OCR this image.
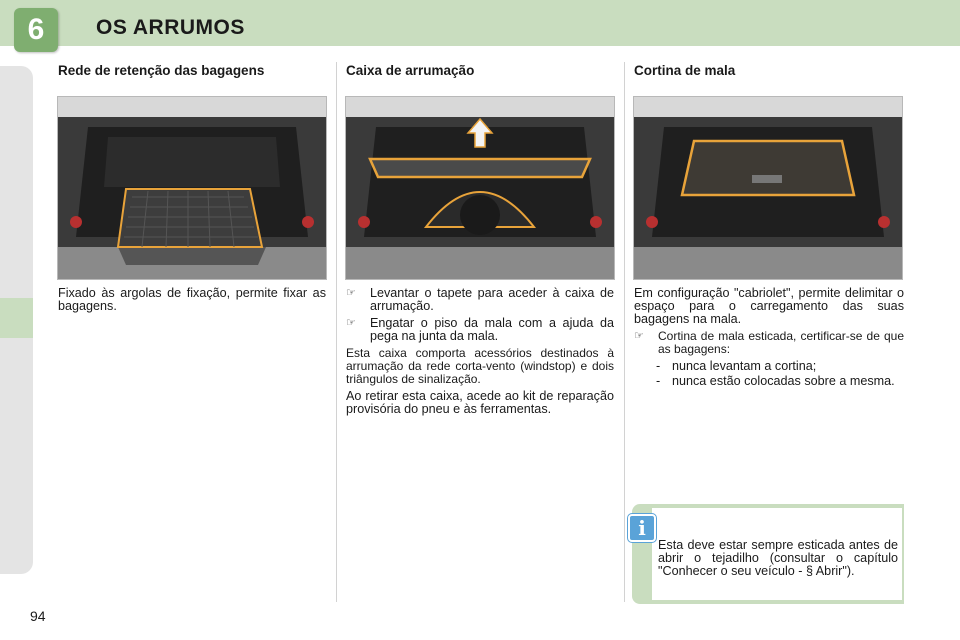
6	OS ARRUMOS
Rede de retenção das bagagens

Fixado às argolas de fixação, permite fixar as bagagens.

Caixa de arrumação
☞ Levantar o tapete para aceder à caixa de arrumação.
☞ Engatar o piso da mala com a ajuda da pega na junta da mala.

Esta caixa comporta acessórios destinados à arrumação da rede corta-vento (windstop) e dois triângulos de sinalização.

Ao retirar esta caixa, acede ao kit de reparação provisória do pneu e às ferramentas.

Cortina de mala

Em configuração "cabriolet", permite delimitar o espaço para o carregamento das suas bagagens na mala.

☞ Cortina de mala esticada, certificar-se de que as bagagens:
- nunca levantam a cortina;
- nunca estão colocadas sobre a mesma.
i

Esta deve estar sempre esticada antes de abrir o tejadilho (consultar o capítulo "Conhecer o seu veículo - § Abrir").

94
